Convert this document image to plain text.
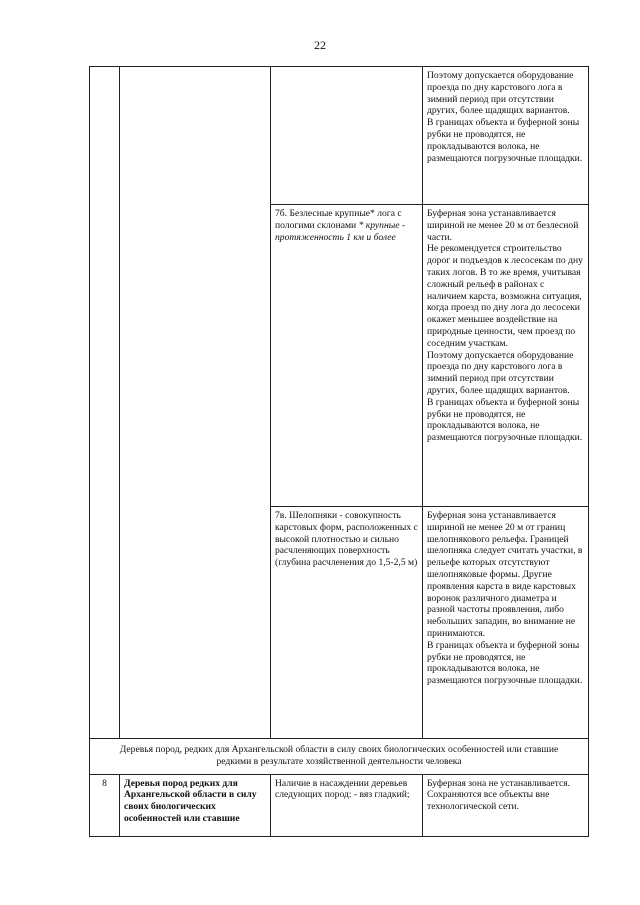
22

			Поэтому допускается оборудование проезда по дну карстового лога в зимний период при отсутствии других, более щадящих вариантов.
В границах объекта и буферной зоны рубки не проводятся, не прокладываются волока, не размещаются погрузочные площадки.

		7б. Безлесные крупные* лога с пологими склонами * крупные - протяженность 1 км и более	Буферная зона устанавливается шириной не менее 20 м от безлесной части.
Не рекомендуется строительство дорог и подъездов к лесосекам по дну таких логов. В то же время, учитывая сложный рельеф в районах с наличием карста, возможна ситуация, когда проезд по дну лога до лесосеки окажет меньшее воздействие на природные ценности, чем проезд по соседним участкам.
Поэтому допускается оборудование проезда по дну карстового лога в зимний период при отсутствии других, более щадящих вариантов.
В границах объекта и буферной зоны рубки не проводятся, не прокладываются волока, не размещаются погрузочные площадки.

		7в. Шелопняки - совокупность карстовых форм, расположенных с высокой плотностью и сильно расчленяющих поверхность (глубина расчленения до 1,5-2,5 м)	Буферная зона устанавливается шириной не менее 20 м от границ шелопнякового рельефа. Границей шелопняка следует считать участки, в рельефе которых отсутствуют шелопняковые формы. Другие проявления карста в виде карстовых воронок различного диаметра и разной частоты проявления, либо небольших западин, во внимание не принимаются.
В границах объекта и буферной зоны рубки не проводятся, не прокладываются волока, не размещаются погрузочные площадки.

Деревья пород, редких для Архангельской области в силу своих биологических особенностей или ставшие редкими в результате хозяйственной деятельности человека			
8	Деревья пород редких для Архангельской области в силу своих биологических особенностей или ставшие	Наличие в насаждении деревьев следующих пород: - вяз гладкий;	Буферная зона не устанавливается.
Сохраняются все объекты вне технологической сети.
